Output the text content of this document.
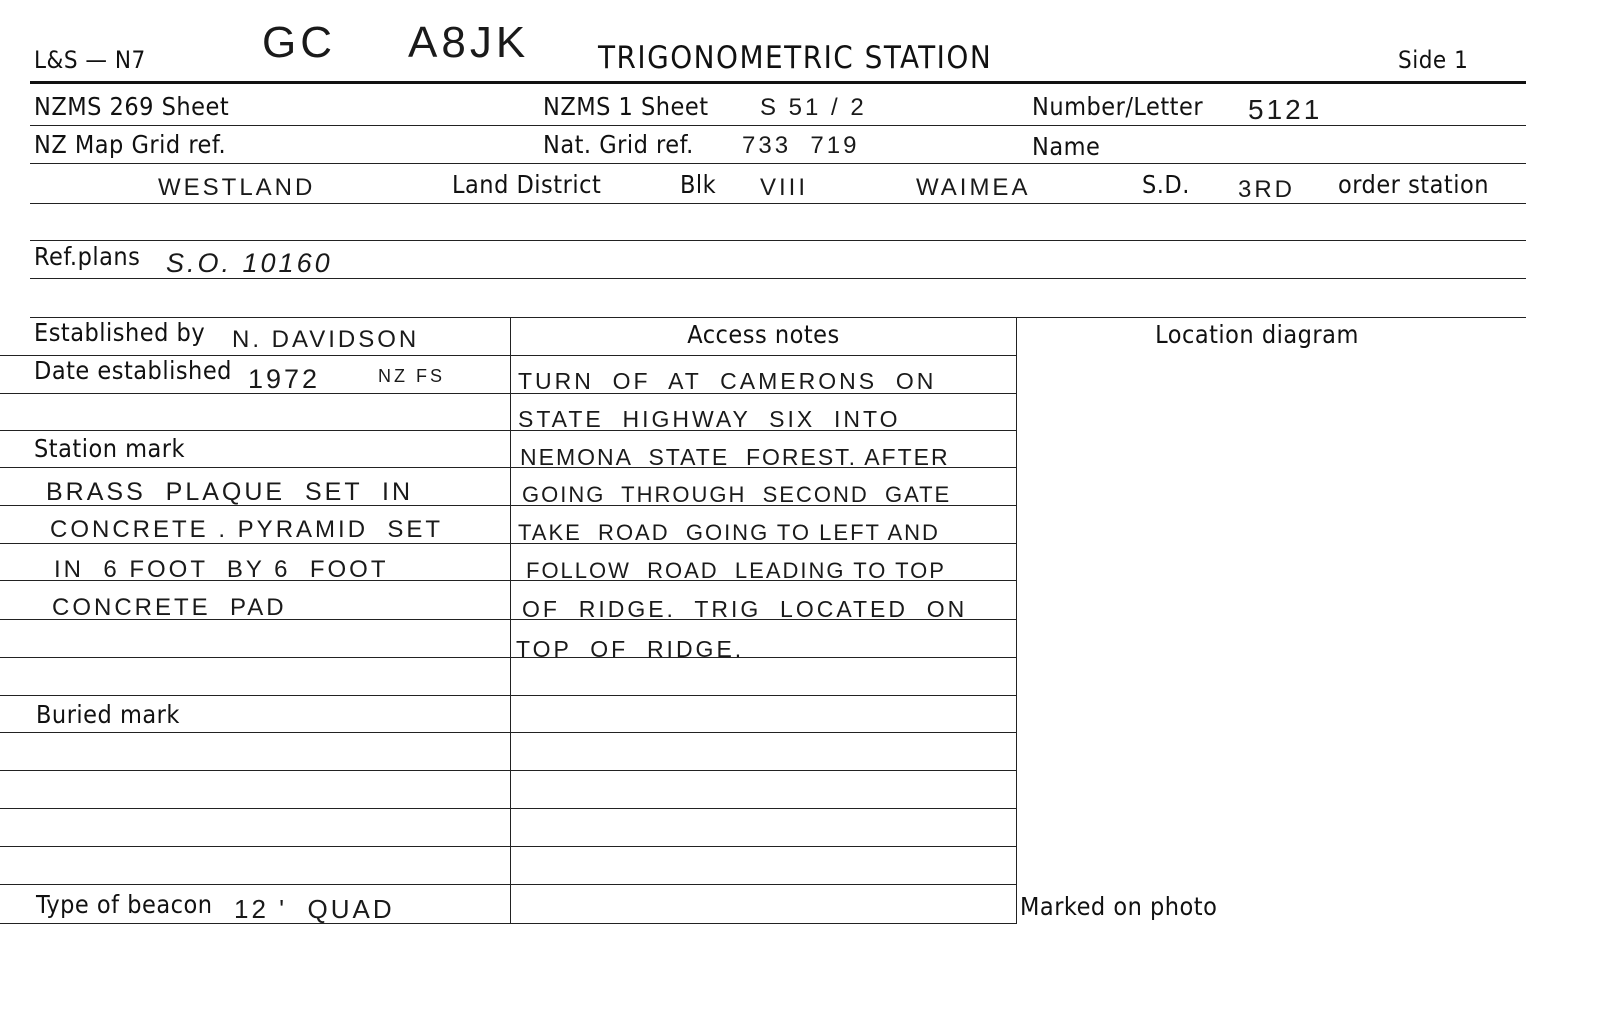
L&S — N7	GC A8JK TRIGONOMETRIC STATION	Side 1
NZMS 269 Sheet	NZMS 1 Sheet S 51 / 2	Number/Letter 5121
NZ Map Grid ref.	Nat. Grid ref. 733  719	Name
WESTLAND	Land District	Blk VIII	WAIMEA	S.D. 3RD order station
Ref.plans S.O. 10160
Established by N. DAVIDSON
Date established 1972	NZ FS
Station mark
BRASS  PLAQUE  SET  IN
CONCRETE . PYRAMID  SET
IN  6 FOOT  BY 6  FOOT
CONCRETE  PAD
Buried mark
Type of beacon 12 '  QUAD
Access notes
TURN  OF  AT  CAMERONS  ON
STATE  HIGHWAY  SIX  INTO
NEMONA  STATE  FOREST. AFTER
GOING  THROUGH  SECOND  GATE
TAKE  ROAD  GOING TO LEFT AND
FOLLOW  ROAD  LEADING TO TOP
OF  RIDGE.  TRIG  LOCATED  ON
TOP  OF  RIDGE.
Location diagram
Marked on photo
